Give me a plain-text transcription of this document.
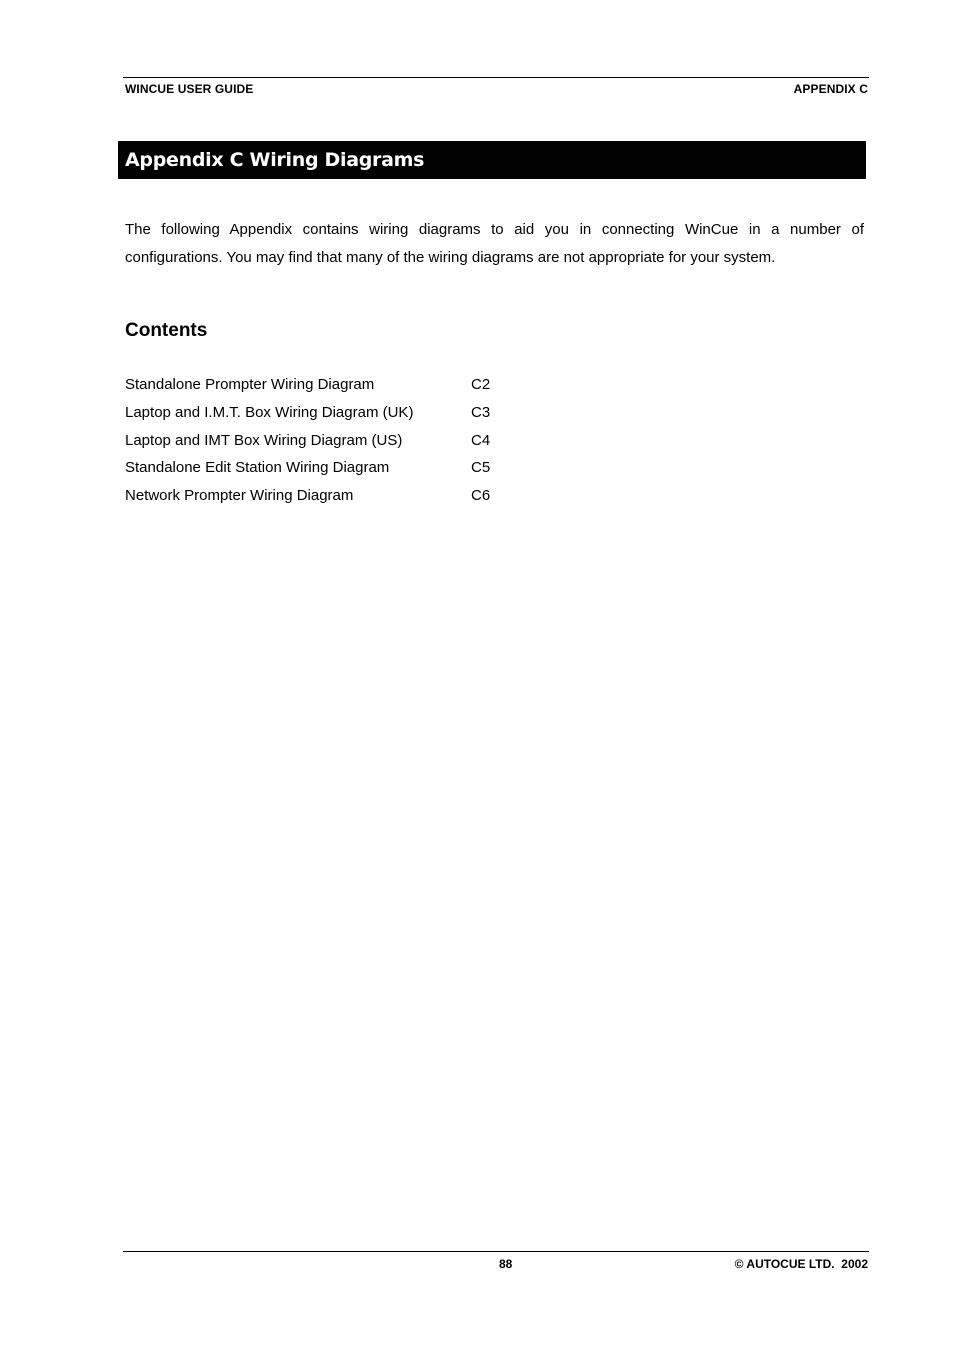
WINCUE USER GUIDE	APPENDIX C
Appendix C Wiring Diagrams

The following Appendix contains wiring diagrams to aid you in connecting WinCue in a number of configurations. You may find that many of the wiring diagrams are not appropriate for your system.

Contents
Standalone Prompter Wiring Diagram	C2
Laptop and I.M.T. Box Wiring Diagram (UK)	C3
Laptop and IMT Box Wiring Diagram (US)	C4
Standalone Edit Station Wiring Diagram	C5
Network Prompter Wiring Diagram	C6
88	© AUTOCUE LTD.  2002
